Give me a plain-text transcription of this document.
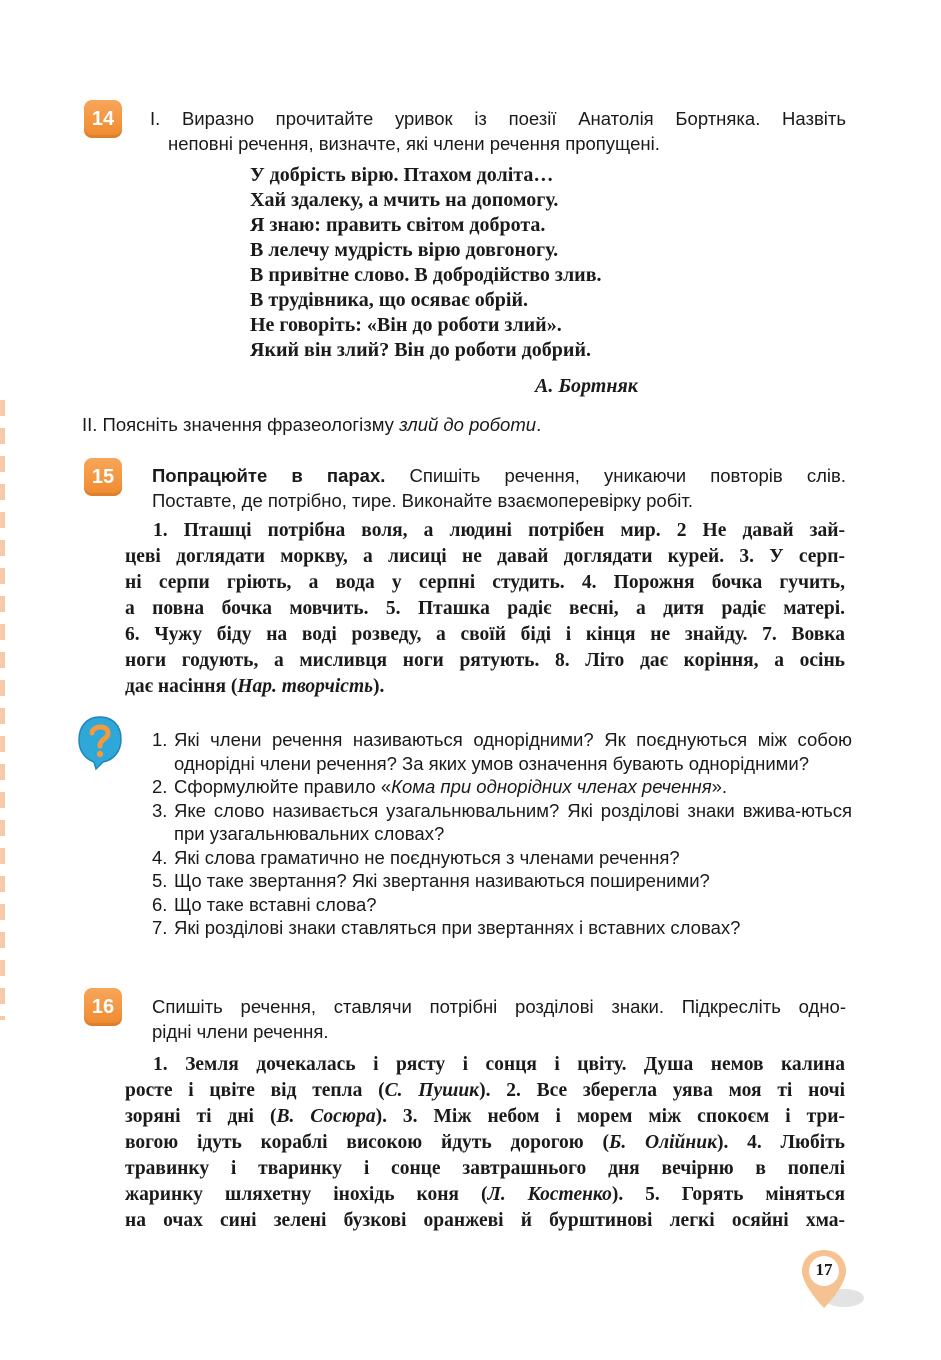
14	І. Виразно прочитайте уривок із поезії Анатолія Бортняка. Назвіть
неповні речення, визначте, які члени речення пропущені.
У добрість вірю. Птахом доліта…
Хай здалеку, а мчить на допомогу.
Я знаю: править світом доброта.
В лелечу мудрість вірю довгоногу.
В привітне слово. В добродійство злив.
В трудівника, що осяває обрій.
Не говоріть: «Він до роботи злий».
Який він злий? Він до роботи добрий.
А. Бортняк
ІІ. Поясніть значення фразеологізму злий до роботи.
15	Попрацюйте в парах. Спишіть речення, уникаючи повторів слів.
Поставте, де потрібно, тире. Виконайте взаємоперевірку робіт.
1. Пташці потрібна воля, а людині потрібен мир. 2 Не давай зай-
цеві доглядати моркву, а лисиці не давай доглядати курей. 3. У серп-
ні серпи гріють, а вода у серпні студить. 4. Порожня бочка гучить,
а повна бочка мовчить. 5. Пташка радіє весні, а дитя радіє матері.
6. Чужу біду на воді розведу, а своїй біді і кінця не знайду. 7. Вовка
ноги годують, а мисливця ноги рятують. 8. Літо дає коріння, а осінь
дає насіння (Нар. творчість).
1. Які члени речення називаються однорідними? Як поєднуються між собою однорідні члени речення? За яких умов означення бувають однорідними?
2. Сформулюйте правило «Кома при однорідних членах речення».
3. Яке слово називається узагальнювальним? Які розділові знаки вжива-ються при узагальнювальних словах?
4. Які слова граматично не поєднуються з членами речення?
5. Що таке звертання? Які звертання називаються поширеними?
6. Що таке вставні слова?
7. Які розділові знаки ставляться при звертаннях і вставних словах?
16	Спишіть речення, ставлячи потрібні розділові знаки. Підкресліть одно-
рідні члени речення.
1. Земля дочекалась і рясту і сонця і цвіту. Душа немов калина
росте і цвіте від тепла (С. Пушик). 2. Все зберегла уява моя ті ночі
зоряні ті дні (В. Сосюра). 3. Між небом і морем між спокоєм і три-
вогою ідуть кораблі високою йдуть дорогою (Б. Олійник). 4. Любіть
травинку і тваринку і сонце завтрашнього дня вечірню в попелі
жаринку шляхетну інохідь коня (Л. Костенко). 5. Горять міняться
на очах сині зелені бузкові оранжеві й бурштинові легкі осяйні хма-
17
